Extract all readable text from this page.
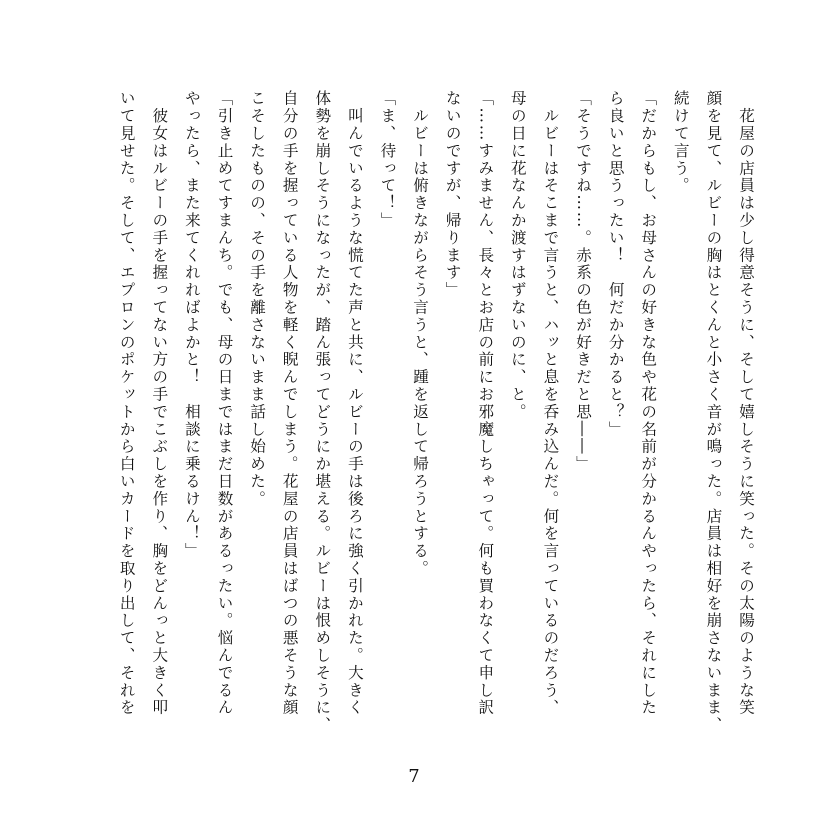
　花屋の店員は少し得意そうに、そして嬉しそうに笑った。その太陽のような笑
顔を見て、ルビーの胸はとくんと小さく音が鳴った。店員は相好を崩さないまま、
続けて言う。
「だからもし、お母さんの好きな色や花の名前が分かるんやったら、それにした
ら良いと思うったい！　何だか分かると？」
「そうですね……。赤系の色が好きだと思――」
　ルビーはそこまで言うと、ハッと息を呑み込んだ。何を言っているのだろう、
母の日に花なんか渡すはずないのに、と。
「……すみません、長々とお店の前にお邪魔しちゃって。何も買わなくて申し訳
ないのですが、帰ります」
　ルビーは俯きながらそう言うと、踵を返して帰ろうとする。
「ま、待って！」
　叫んでいるような慌てた声と共に、ルビーの手は後ろに強く引かれた。大きく
体勢を崩しそうになったが、踏ん張ってどうにか堪える。ルビーは恨めしそうに、
自分の手を握っている人物を軽く睨んでしまう。花屋の店員はばつの悪そうな顔
こそしたものの、その手を離さないまま話し始めた。
「引き止めてすまんち。でも、母の日まではまだ日数があるったい。悩んでるん
やったら、また来てくれればよかと！　相談に乗るけん！」
　彼女はルビーの手を握ってない方の手でこぶしを作り、胸をどんっと大きく叩
いて見せた。そして、エプロンのポケットから白いカードを取り出して、それを
7
